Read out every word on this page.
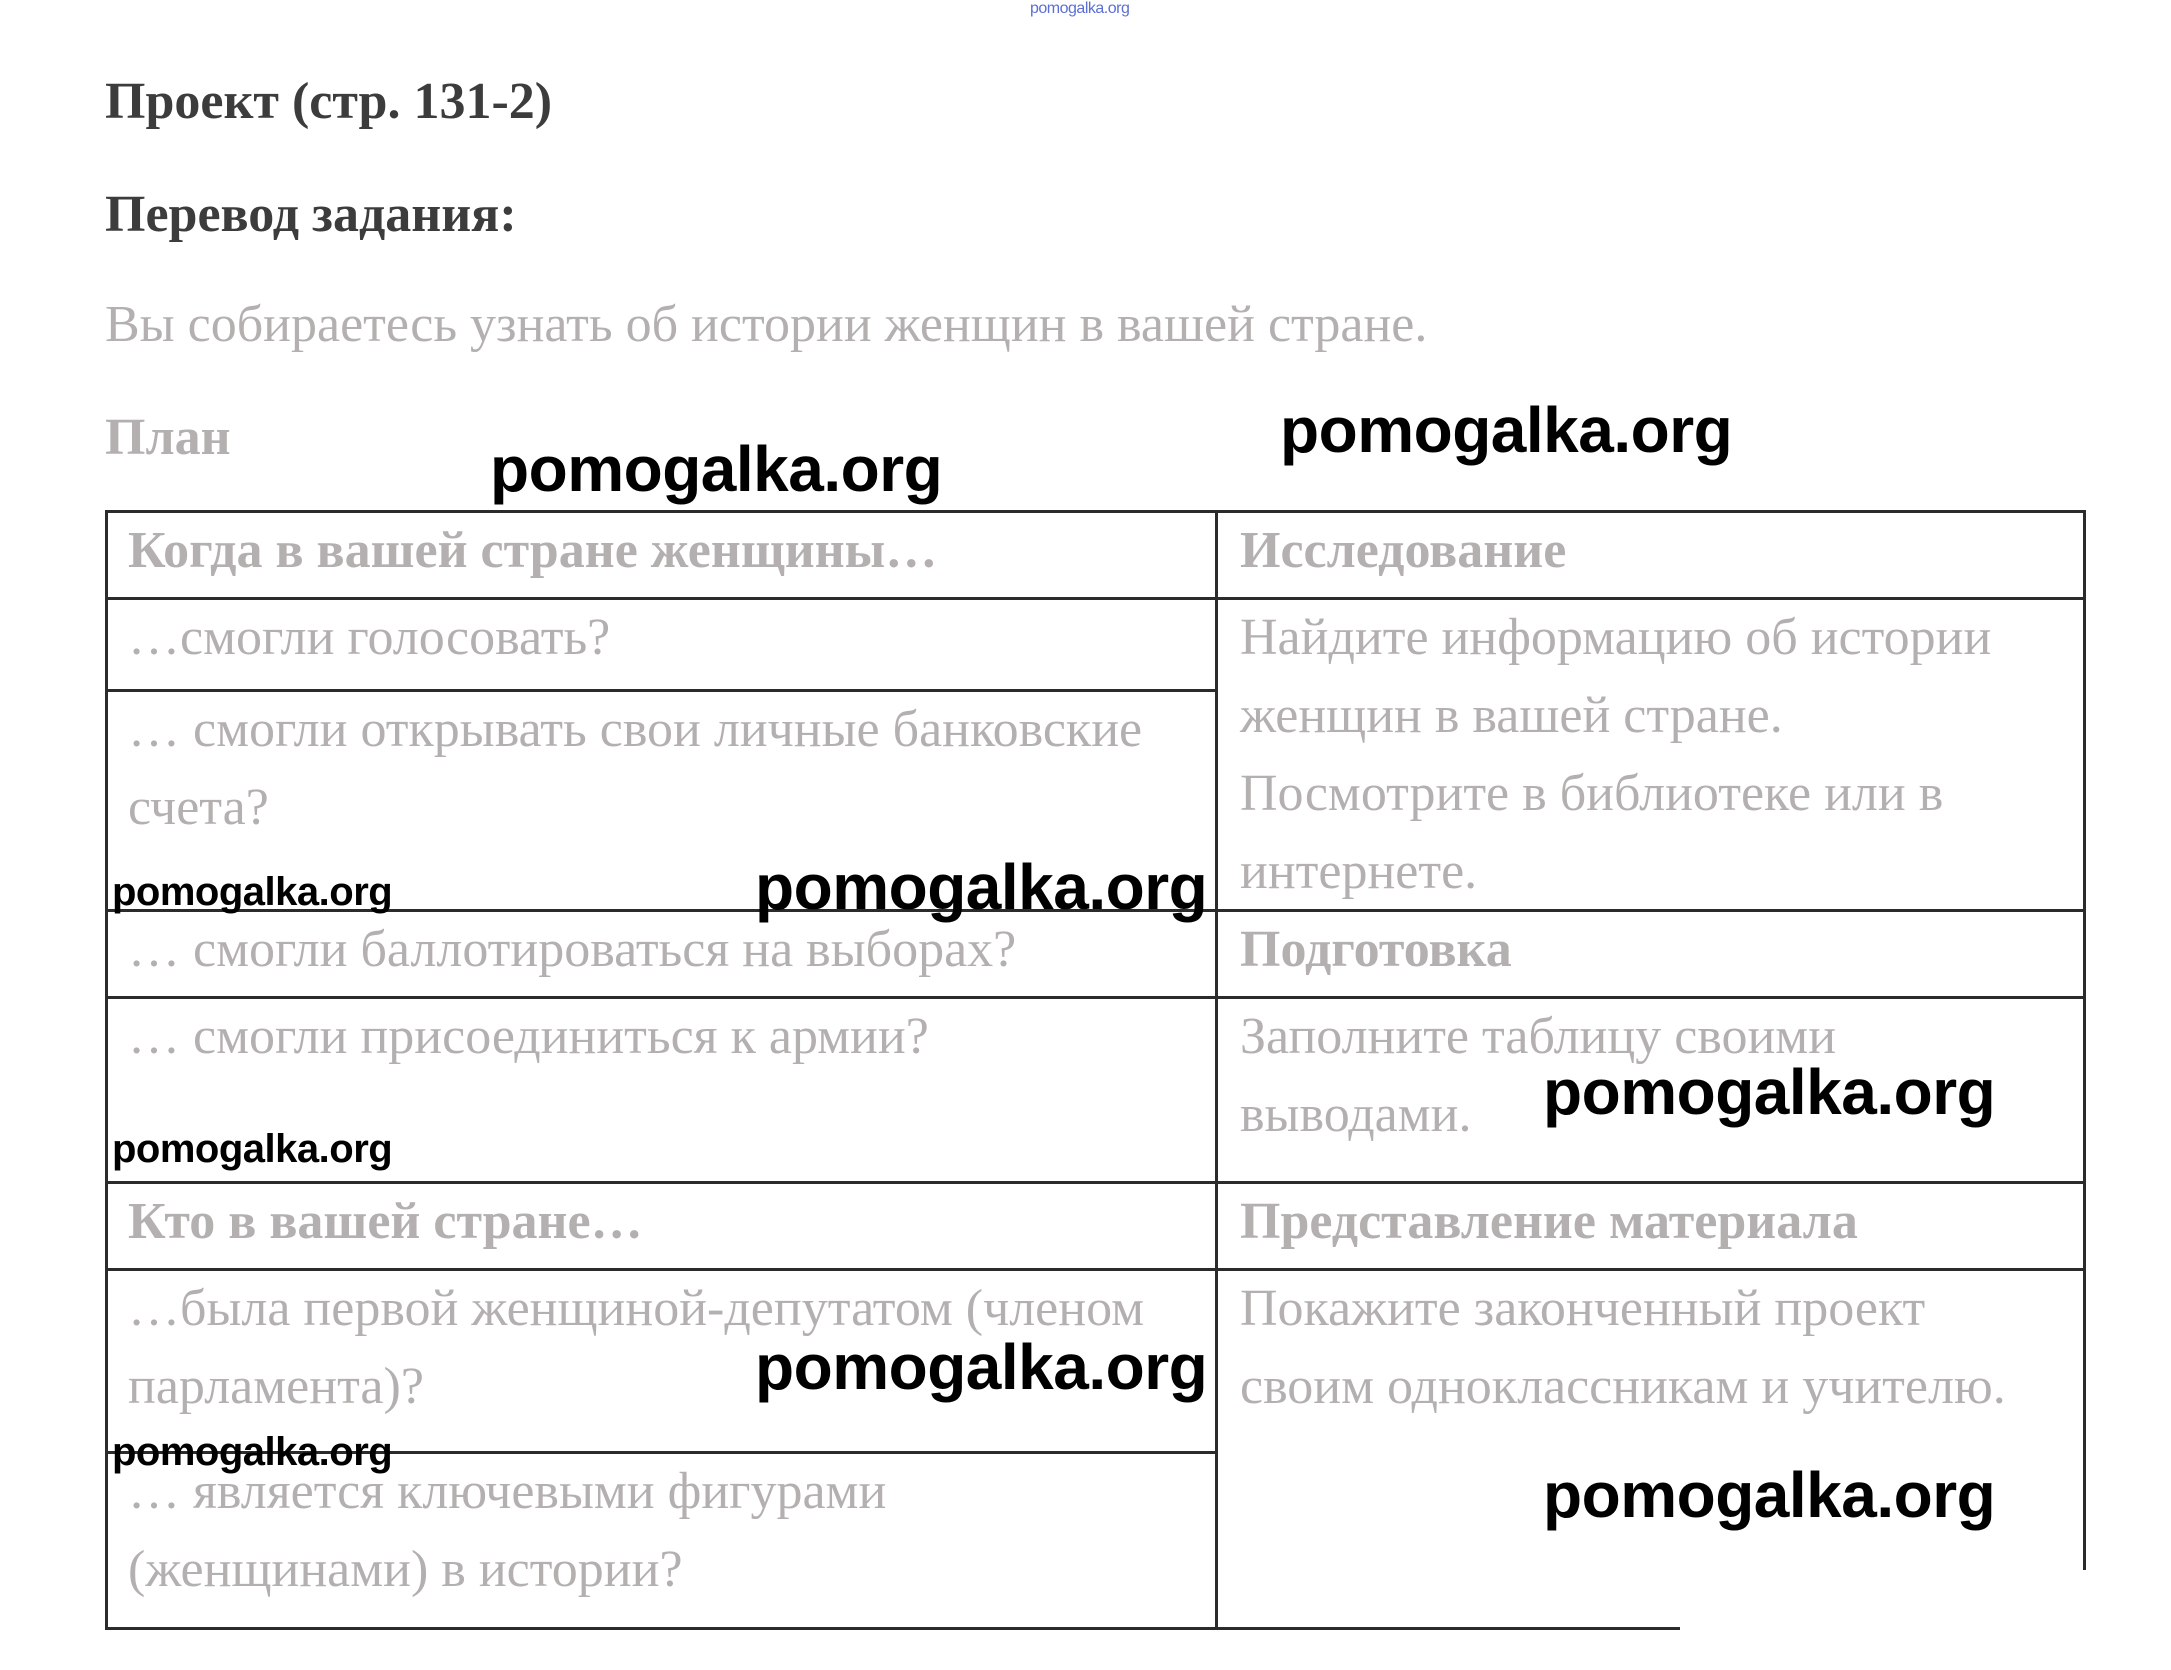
pomogalka.org
Проект (стр. 131-2)
Перевод задания:
Вы собираетесь узнать об истории женщин в вашей стране.
План
Когда в вашей стране женщины…
…смогли голосовать?
… смогли открывать свои личные банковские счета?
… смогли баллотироваться на выборах?
… смогли присоединиться к армии?
Кто в вашей стране…
…была первой женщиной-депутатом (членом парламента)?
… является ключевыми фигурами (женщинами) в истории?
Исследование
Найдите информацию об истории женщин в вашей стране. Посмотрите в библиотеке или в интернете.
Подготовка
Заполните таблицу своими выводами.
Представление материала
Покажите законченный проект своим одноклассникам и учителю.
pomogalka.org
pomogalka.org
pomogalka.org
pomogalka.org
pomogalka.org
pomogalka.org
pomogalka.org
pomogalka.org
pomogalka.org
